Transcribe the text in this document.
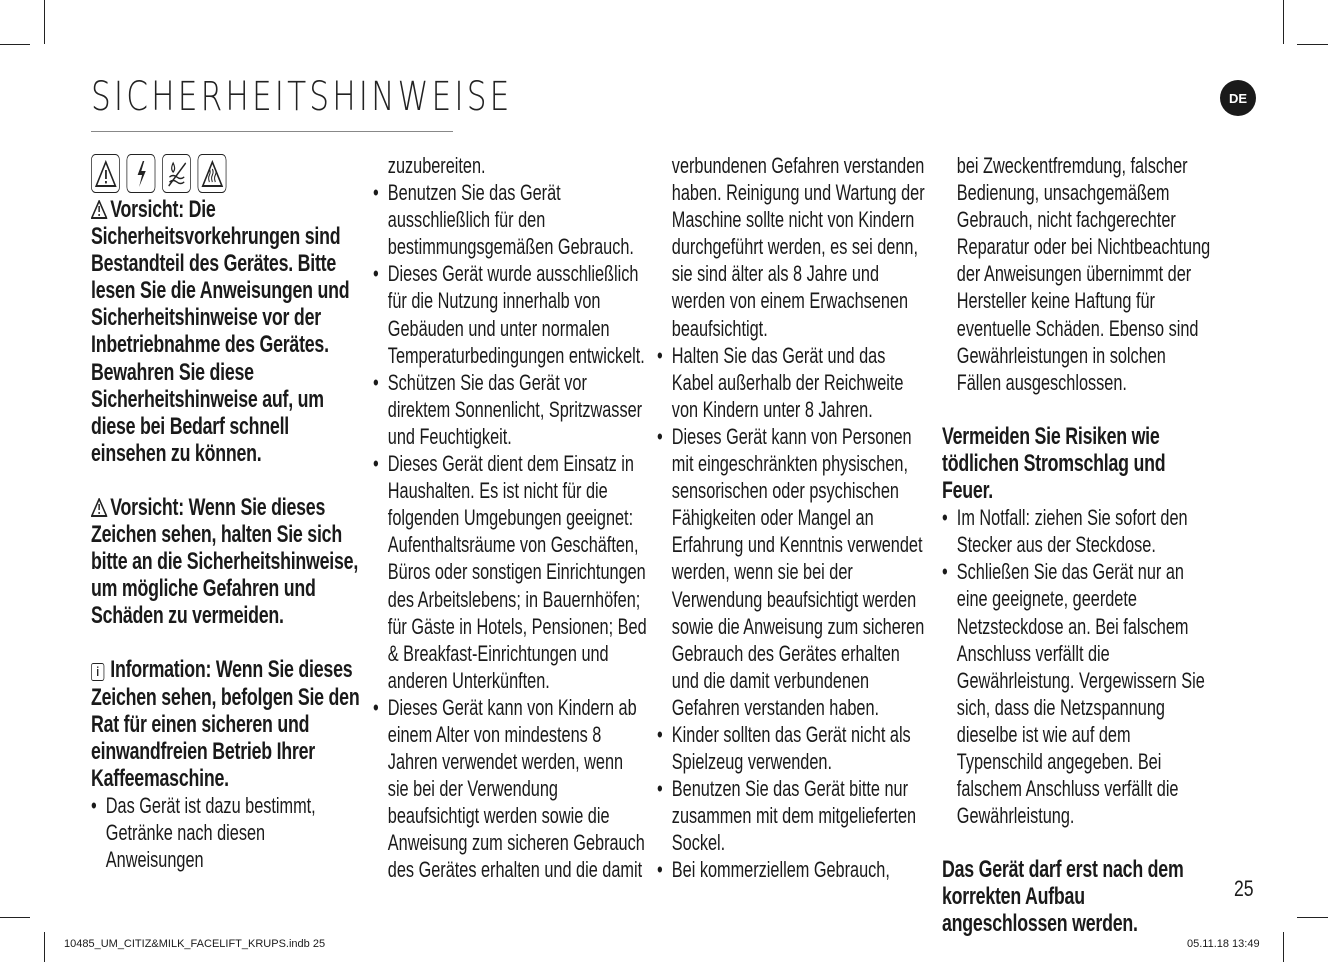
SICHERHEITSHINWEISE	DE

Vorsicht: Die Sicherheitsvorkehrungen sind Bestandteil des Gerätes. Bitte lesen Sie die Anweisungen und Sicherheitshinweise vor der Inbetriebnahme des Gerätes. Bewahren Sie diese Sicherheitshinweise auf, um diese bei Bedarf schnell einsehen zu können.

Vorsicht: Wenn Sie dieses Zeichen sehen, halten Sie sich bitte an die Sicherheitshinweise, um mögliche Gefahren und Schäden zu vermeiden.

i Information: Wenn Sie dieses Zeichen sehen, befolgen Sie den Rat für einen sicheren und einwandfreien Betrieb Ihrer Kaffeemaschine.

• Das Gerät ist dazu bestimmt, Getränke nach diesen Anweisungen

zuzubereiten.

• Benutzen Sie das Gerät ausschließlich für den bestimmungsgemäßen Gebrauch.
• Dieses Gerät wurde ausschließlich für die Nutzung innerhalb von Gebäuden und unter normalen Temperaturbedingungen entwickelt.
• Schützen Sie das Gerät vor direktem Sonnenlicht, Spritzwasser und Feuchtigkeit.
• Dieses Gerät dient dem Einsatz in Haushalten. Es ist nicht für die folgenden Umgebungen geeignet: Aufenthaltsräume von Geschäften, Büros oder sonstigen Einrichtungen des Arbeitslebens; in Bauernhöfen; für Gäste in Hotels, Pensionen; Bed & Breakfast-Einrichtungen und anderen Unterkünften.
• Dieses Gerät kann von Kindern ab einem Alter von mindestens 8 Jahren verwendet werden, wenn sie bei der Verwendung beaufsichtigt werden sowie die Anweisung zum sicheren Gebrauch des Gerätes erhalten und die damit

verbundenen Gefahren verstanden haben. Reinigung und Wartung der Maschine sollte nicht von Kindern durchgeführt werden, es sei denn, sie sind älter als 8 Jahre und werden von einem Erwachsenen beaufsichtigt.

• Halten Sie das Gerät und das Kabel außerhalb der Reichweite von Kindern unter 8 Jahren.
• Dieses Gerät kann von Personen mit eingeschränkten physischen, sensorischen oder psychischen Fähigkeiten oder Mangel an Erfahrung und Kenntnis verwendet werden, wenn sie bei der Verwendung beaufsichtigt werden sowie die Anweisung zum sicheren Gebrauch des Gerätes erhalten und die damit verbundenen Gefahren verstanden haben.
• Kinder sollten das Gerät nicht als Spielzeug verwenden.
• Benutzen Sie das Gerät bitte nur zusammen mit dem mitgelieferten Sockel.
• Bei kommerziellem Gebrauch,

bei Zweckentfremdung, falscher Bedienung, unsachgemäßem Gebrauch, nicht fachgerechter Reparatur oder bei Nichtbeachtung der Anweisungen übernimmt der Hersteller keine Haftung für eventuelle Schäden. Ebenso sind Gewährleistungen in solchen Fällen ausgeschlossen.

Vermeiden Sie Risiken wie tödlichen Stromschlag und Feuer.

• Im Notfall: ziehen Sie sofort den Stecker aus der Steckdose.
• Schließen Sie das Gerät nur an eine geeignete, geerdete Netzsteckdose an. Bei falschem Anschluss verfällt die Gewährleistung. Vergewissern Sie sich, dass die Netzspannung dieselbe ist wie auf dem Typenschild angegeben. Bei falschem Anschluss verfällt die Gewährleistung.

Das Gerät darf erst nach dem korrekten Aufbau angeschlossen werden.

25
10485_UM_CITIZ&MILK_FACELIFT_KRUPS.indb 25	05.11.18 13:49
